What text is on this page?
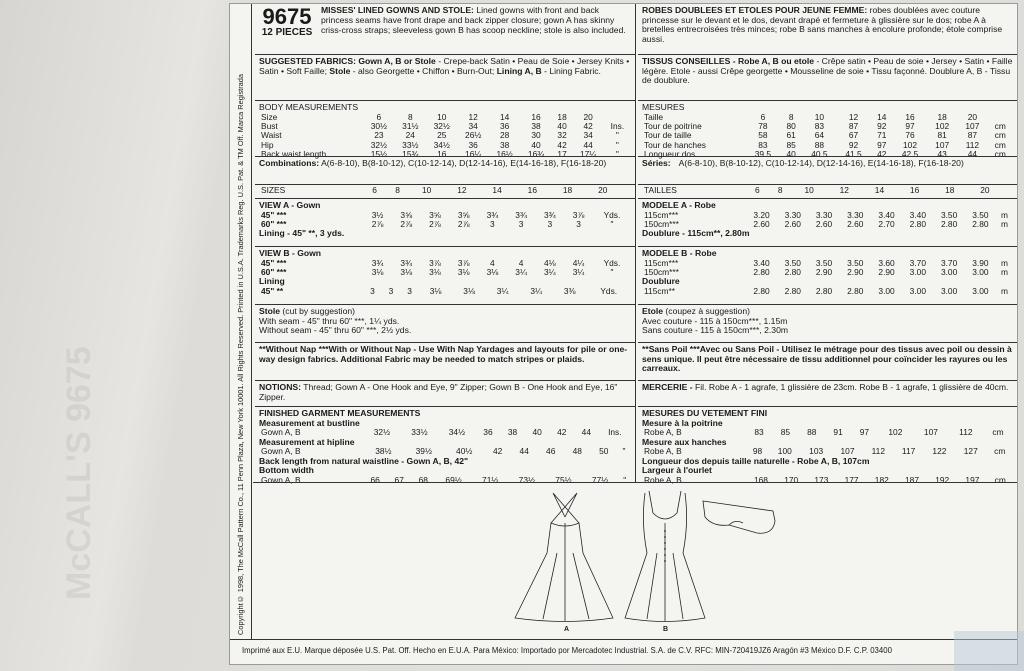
McCALL'S 9675	Copyright© 1998, The McCall Pattern Co., 11 Penn Plaza, New York 10001. All Rights Reserved. Printed in U.S.A. Trademarks Reg. U.S. Pat. & TM Off. Marca Registrada
9675
12 PIECES
MISSES' LINED GOWNS AND STOLE: Lined gowns with front and back princess seams have front drape and back zipper closure; gown A has skinny criss-cross straps; sleeveless gown B has scoop neckline; stole is also included.
SUGGESTED FABRICS: Gown A, B or Stole - Crepe-back Satin • Peau de Soie • Jersey Knits • Satin • Soft Faille; Stole - also Georgette • Chiffon • Burn-Out; Lining A, B - Lining Fabric.
BODY MEASUREMENTS
Size	6	8	10	12	14	16	18	20	
Bust	30½	31½	32½	34	36	38	40	42	Ins.
Waist	23	24	25	26½	28	30	32	34	"
Hip	32½	33½	34½	36	38	40	42	44	"
Back waist length	15½	15¾	16	16¼	16½	16¾	17	17¼	"
Combinations: A(6-8-10), B(8-10-12), C(10-12-14), D(12-14-16), E(14-16-18), F(16-18-20)
SIZES	6	8	10	12	14	16	18	20	
VIEW A - Gown
45" ***	3½	3⅝	3⅝	3⅝	3¾	3¾	3¾	3⅞	Yds.
60" ***	2⅞	2⅞	2⅞	2⅞	3	3	3	3	"
Lining - 45" **, 3 yds.
VIEW B - Gown
45" ***	3¾	3¾	3⅞	3⅞	4	4	4⅛	4¼	Yds.
60" ***	3⅛	3⅛	3⅛	3⅛	3⅛	3¼	3¼	3¼	"
Lining
45" **	3	3	3	3⅛	3⅛	3¼	3¼	3⅜	Yds.
Stole (cut by suggestion)
With seam - 45" thru 60" ***, 1¼ yds.
Without seam - 45" thru 60" ***, 2½ yds.
**Without Nap ***With or Without Nap - Use With Nap Yardages and layouts for pile or one-way design fabrics. Additional Fabric may be needed to match stripes or plaids.
NOTIONS: Thread; Gown A - One Hook and Eye, 9" Zipper; Gown B - One Hook and Eye, 16" Zipper.
FINISHED GARMENT MEASUREMENTS
Measurement at bustline
Gown A, B	32½	33½	34½	36	38	40	42	44	Ins.
Measurement at hipline
Gown A, B	38½	39½	40½	42	44	46	48	50	"
Back length from natural waistline - Gown A, B, 42"
Bottom width
Gown A, B	66	67	68	69½	71½	73½	75½	77½	"
ROBES DOUBLEES ET ETOLES POUR JEUNE FEMME: robes doublées avec couture princesse sur le devant et le dos, devant drapé et fermeture à glissière sur le dos; robe A à bretelles entrecroisées très minces; robe B sans manches à encolure profonde; étole comprise aussi.
TISSUS CONSEILLES - Robe A, B ou etole - Crêpe satin • Peau de soie • Jersey • Satin • Faille légère. Etole - aussi Crêpe georgette • Mousseline de soie • Tissu façonné. Doublure A, B - Tissu de doublure.
MESURES
Taille	6	8	10	12	14	16	18	20	
Tour de poitrine	78	80	83	87	92	97	102	107	cm
Tour de taille	58	61	64	67	71	76	81	87	cm
Tour de hanches	83	85	88	92	97	102	107	112	cm
Longueur dos	39.5	40	40.5	41.5	42	42.5	43	44	cm
Séries: A(6-8-10), B(8-10-12), C(10-12-14), D(12-14-16), E(14-16-18), F(16-18-20)
TAILLES	6	8	10	12	14	16	18	20	
MODELE A - Robe
115cm***	3.20	3.30	3.30	3.30	3.40	3.40	3.50	3.50	m
150cm***	2.60	2.60	2.60	2.60	2.70	2.80	2.80	2.80	m
Doublure - 115cm**, 2.80m
MODELE B - Robe
115cm***	3.40	3.50	3.50	3.50	3.60	3.70	3.70	3.90	m
150cm***	2.80	2.80	2.90	2.90	2.90	3.00	3.00	3.00	m
Doublure
115cm**	2.80	2.80	2.80	2.80	3.00	3.00	3.00	3.00	m
Etole (coupez à suggestion)
Avec couture - 115 à 150cm***, 1.15m
Sans couture - 115 à 150cm***, 2.30m
**Sans Poil ***Avec ou Sans Poil - Utilisez le métrage pour des tissus avec poil ou dessin à sens unique. Il peut être nécessaire de tissu additionnel pour coïncider les rayures ou les carreaux.
MERCERIE - Fil. Robe A - 1 agrafe, 1 glissière de 23cm. Robe B - 1 agrafe, 1 glissière de 40cm.
MESURES DU VETEMENT FINI
Mesure à la poitrine
Robe A, B	83	85	88	91	97	102	107	112	cm
Mesure aux hanches
Robe A, B	98	100	103	107	112	117	122	127	cm
Longueur dos depuis taille naturelle - Robe A, B, 107cm
Largeur à l'ourlet
Robe A, B	168	170	173	177	182	187	192	197	cm
A	B
Imprimé aux E.U. Marque déposée U.S. Pat. Off. Hecho en E.U.A. Para México: Importado por Mercadotec Industrial. S.A. de C.V. RFC: MIN-720419JZ6 Aragón #3 México D.F. C.P. 03400
